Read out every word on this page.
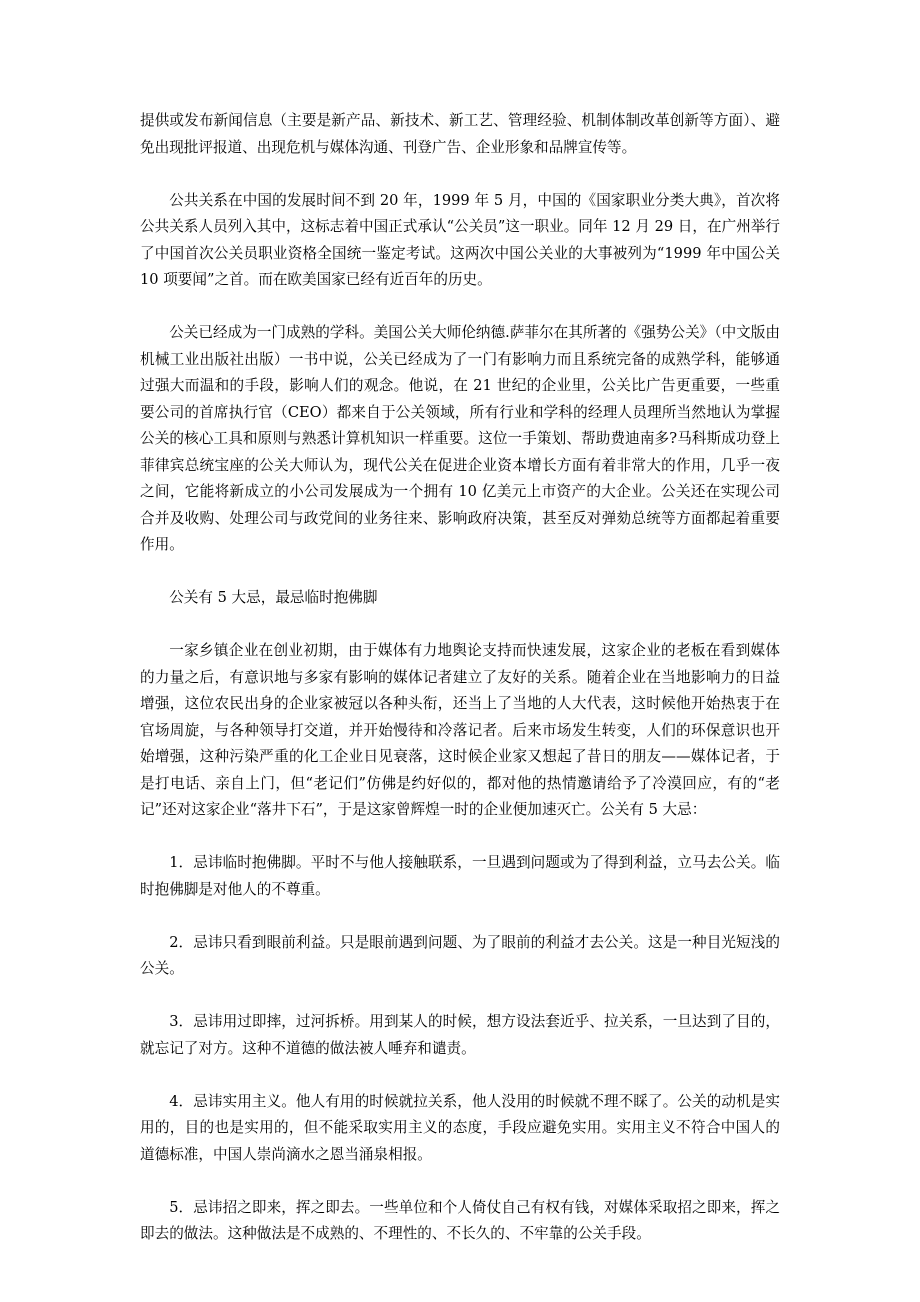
提供或发布新闻信息（主要是新产品、新技术、新工艺、管理经验、机制体制改革创新等方面）、避免出现批评报道、出现危机与媒体沟通、刊登广告、企业形象和品牌宣传等。

公共关系在中国的发展时间不到 20 年，1999 年 5 月，中国的《国家职业分类大典》，首次将公共关系人员列入其中，这标志着中国正式承认“公关员”这一职业。同年 12 月 29 日，在广州举行了中国首次公关员职业资格全国统一鉴定考试。这两次中国公关业的大事被列为“1999 年中国公关 10 项要闻”之首。而在欧美国家已经有近百年的历史。

公关已经成为一门成熟的学科。美国公关大师伦纳德.萨菲尔在其所著的《强势公关》（中文版由机械工业出版社出版）一书中说，公关已经成为了一门有影响力而且系统完备的成熟学科，能够通过强大而温和的手段，影响人们的观念。他说，在 21 世纪的企业里，公关比广告更重要，一些重要公司的首席执行官（CEO）都来自于公关领域，所有行业和学科的经理人员理所当然地认为掌握公关的核心工具和原则与熟悉计算机知识一样重要。这位一手策划、帮助费迪南多?马科斯成功登上菲律宾总统宝座的公关大师认为，现代公关在促进企业资本增长方面有着非常大的作用，几乎一夜之间，它能将新成立的小公司发展成为一个拥有 10 亿美元上市资产的大企业。公关还在实现公司合并及收购、处理公司与政党间的业务往来、影响政府决策，甚至反对弹劾总统等方面都起着重要作用。

公关有 5 大忌，最忌临时抱佛脚

一家乡镇企业在创业初期，由于媒体有力地舆论支持而快速发展，这家企业的老板在看到媒体的力量之后，有意识地与多家有影响的媒体记者建立了友好的关系。随着企业在当地影响力的日益增强，这位农民出身的企业家被冠以各种头衔，还当上了当地的人大代表，这时候他开始热衷于在官场周旋，与各种领导打交道，并开始慢待和冷落记者。后来市场发生转变，人们的环保意识也开始增强，这种污染严重的化工企业日见衰落，这时候企业家又想起了昔日的朋友——媒体记者，于是打电话、亲自上门，但“老记们”仿佛是约好似的，都对他的热情邀请给予了冷漠回应，有的“老记”还对这家企业“落井下石”，于是这家曾辉煌一时的企业便加速灭亡。公关有 5 大忌：

1．忌讳临时抱佛脚。平时不与他人接触联系，一旦遇到问题或为了得到利益，立马去公关。临时抱佛脚是对他人的不尊重。

2．忌讳只看到眼前利益。只是眼前遇到问题、为了眼前的利益才去公关。这是一种目光短浅的公关。

3．忌讳用过即摔，过河拆桥。用到某人的时候，想方设法套近乎、拉关系，一旦达到了目的，就忘记了对方。这种不道德的做法被人唾弃和谴责。

4．忌讳实用主义。他人有用的时候就拉关系，他人没用的时候就不理不睬了。公关的动机是实用的，目的也是实用的，但不能采取实用主义的态度，手段应避免实用。实用主义不符合中国人的道德标准，中国人崇尚滴水之恩当涌泉相报。

5．忌讳招之即来，挥之即去。一些单位和个人倚仗自己有权有钱，对媒体采取招之即来，挥之即去的做法。这种做法是不成熟的、不理性的、不长久的、不牢靠的公关手段。
